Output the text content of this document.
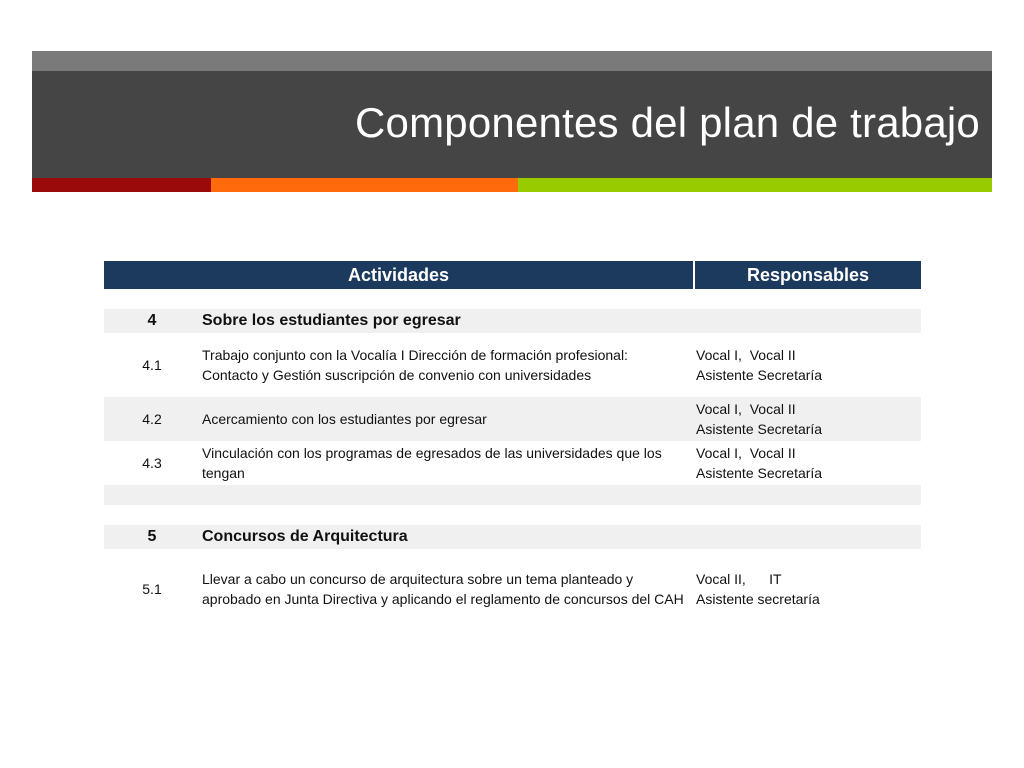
Componentes del plan de trabajo
Actividades		Responsables

4	Sobre los estudiantes por egresar	
4.1	Trabajo conjunto con la Vocalía I Dirección de formación profesional: Contacto y Gestión suscripción de convenio con universidades	Vocal I,  Vocal II
Asistente Secretaría

4.2	Acercamiento con los estudiantes por egresar	Vocal I,  Vocal II
Asistente Secretaría

4.3	Vinculación con los programas de egresados de las universidades que los tengan	Vocal I,  Vocal II
Asistente Secretaría

5	Concursos de Arquitectura	
5.1	Llevar a cabo un concurso de arquitectura sobre un tema planteado y aprobado en Junta Directiva y aplicando el reglamento de concursos del CAH	Vocal II,      IT
Asistente secretaría
